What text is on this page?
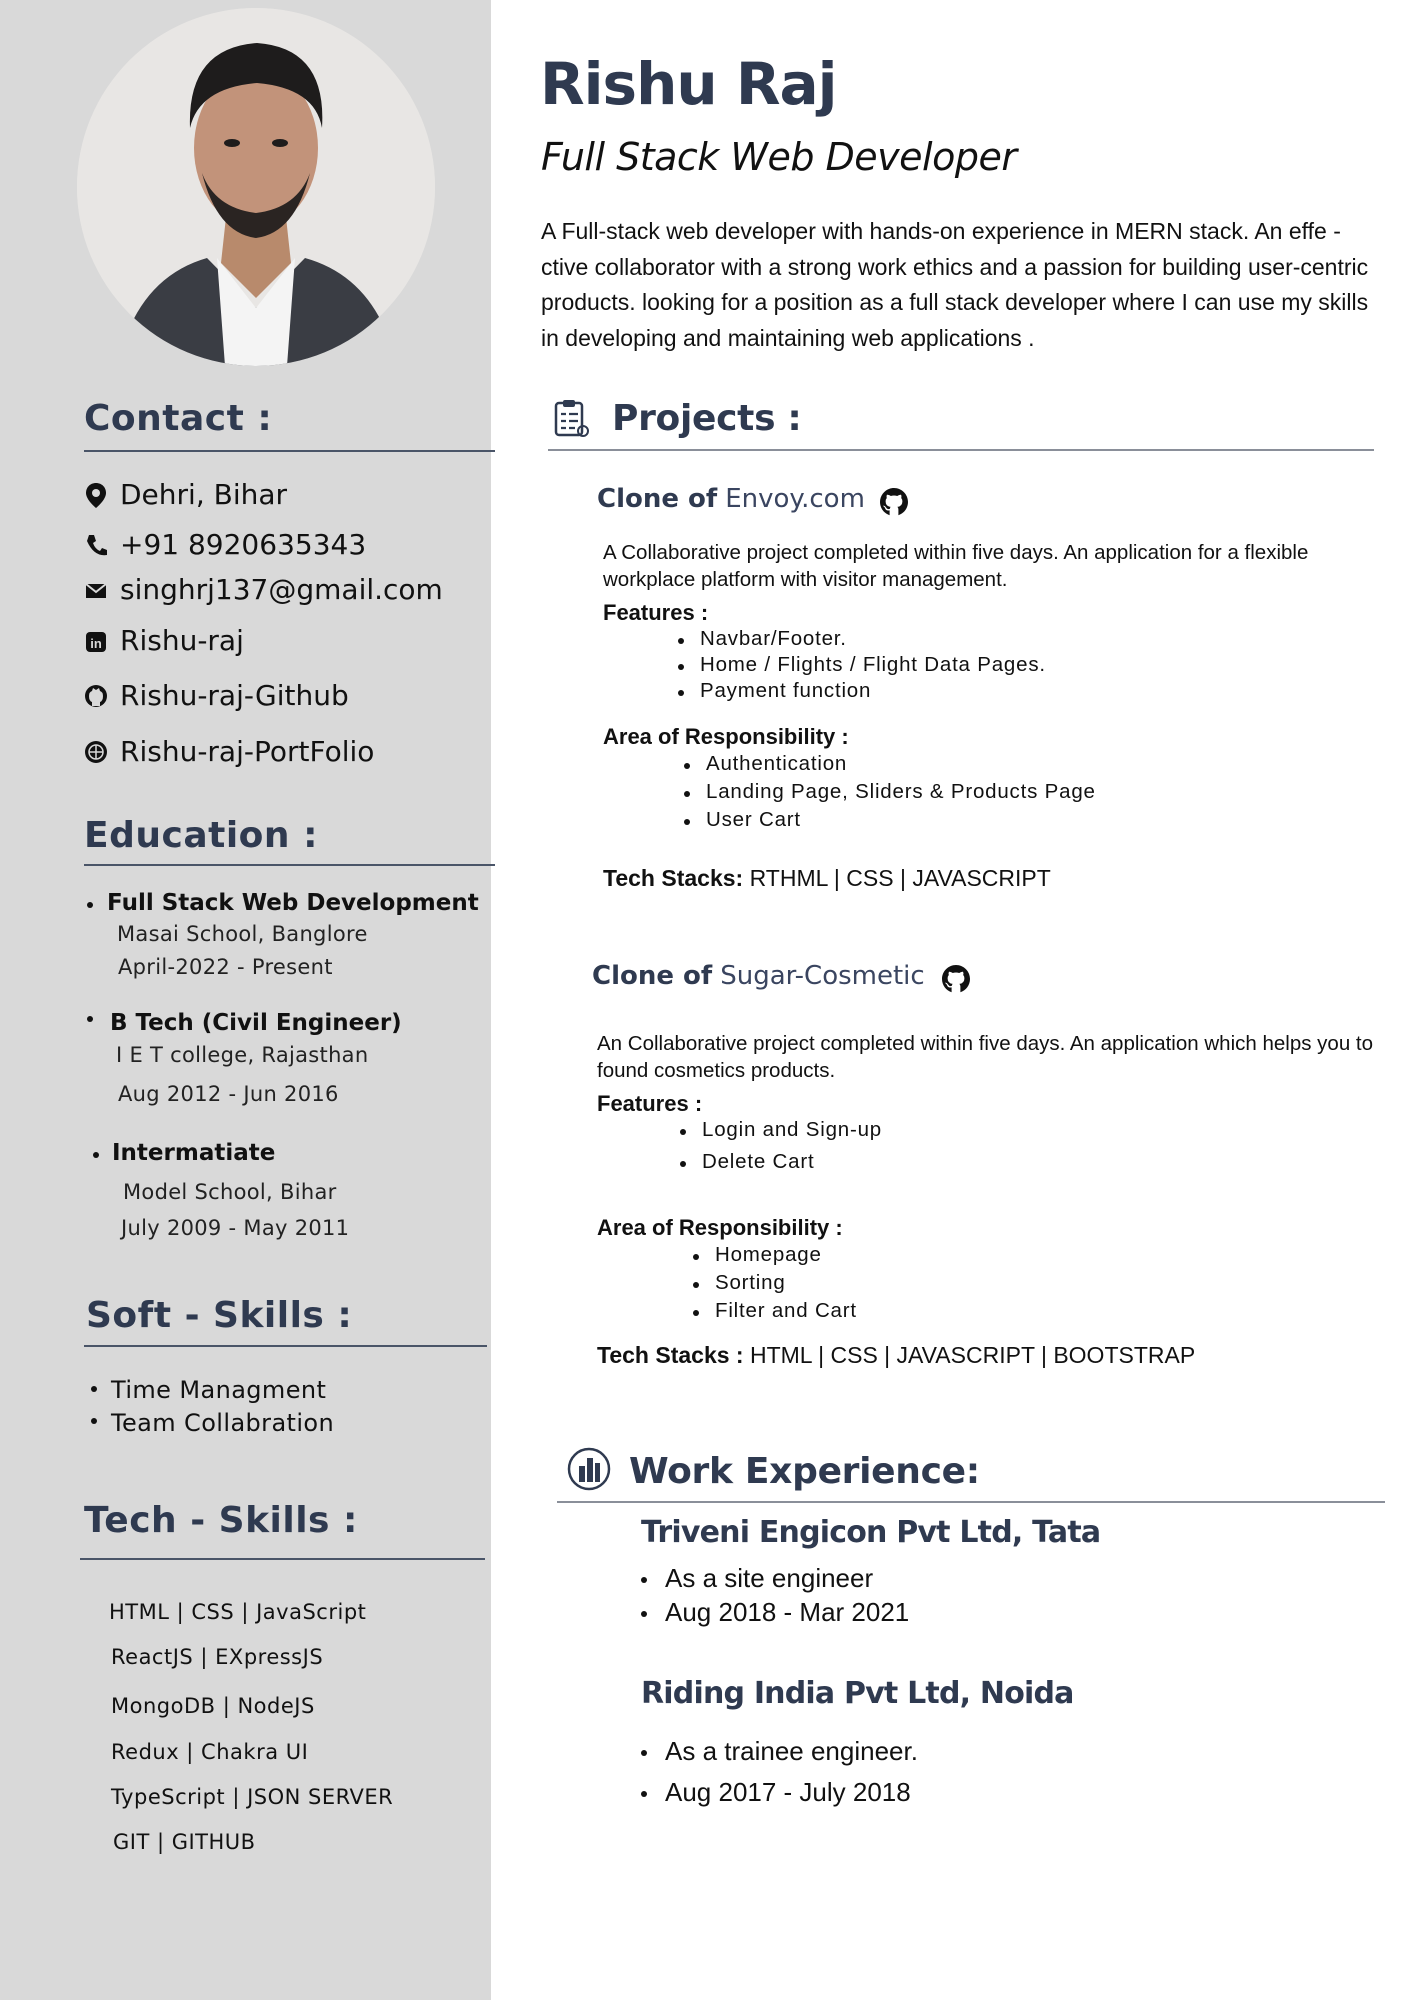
Contact :
Dehri, Bihar
+91 8920635343
singhrj137@gmail.com
in Rishu-raj
Rishu-raj-Github
Rishu-raj-PortFolio
Education :
Full Stack Web Development
Masai School, Banglore
April-2022 - Present
B Tech (Civil Engineer)
I E T college, Rajasthan
Aug 2012 - Jun 2016
Intermatiate
Model School, Bihar
July 2009 - May 2011
Soft - Skills :
Time Managment
Team Collabration
Tech - Skills :
HTML | CSS | JavaScript
ReactJS | EXpressJS
MongoDB | NodeJS
Redux | Chakra UI
TypeScript | JSON SERVER
GIT | GITHUB
Rishu Raj
Full Stack Web Developer
A Full-stack web developer with hands-on experience in MERN stack. An effe -ctive collaborator with a strong work ethics and a passion for building user-centric products. looking for a position as a full stack developer where I can use my skills in developing and maintaining web applications .
Projects :
Clone of Envoy.com
A Collaborative project completed within five days. An application for a flexible workplace platform with visitor management.
Features :
Navbar/Footer.
Home / Flights / Flight Data Pages.
Payment function
Area of Responsibility :
Authentication
Landing Page, Sliders & Products Page
User Cart
Tech Stacks: RTHML | CSS | JAVASCRIPT
Clone of Sugar-Cosmetic
An Collaborative project completed within five days. An application which helps you to found cosmetics products.
Features :
Login and Sign-up
Delete Cart
Area of Responsibility :
Homepage
Sorting
Filter and Cart
Tech Stacks : HTML | CSS | JAVASCRIPT | BOOTSTRAP
Work Experience:
Triveni Engicon Pvt Ltd, Tata
As a site engineer
Aug 2018 - Mar 2021
Riding India Pvt Ltd, Noida
As a trainee engineer.
Aug 2017 - July 2018
